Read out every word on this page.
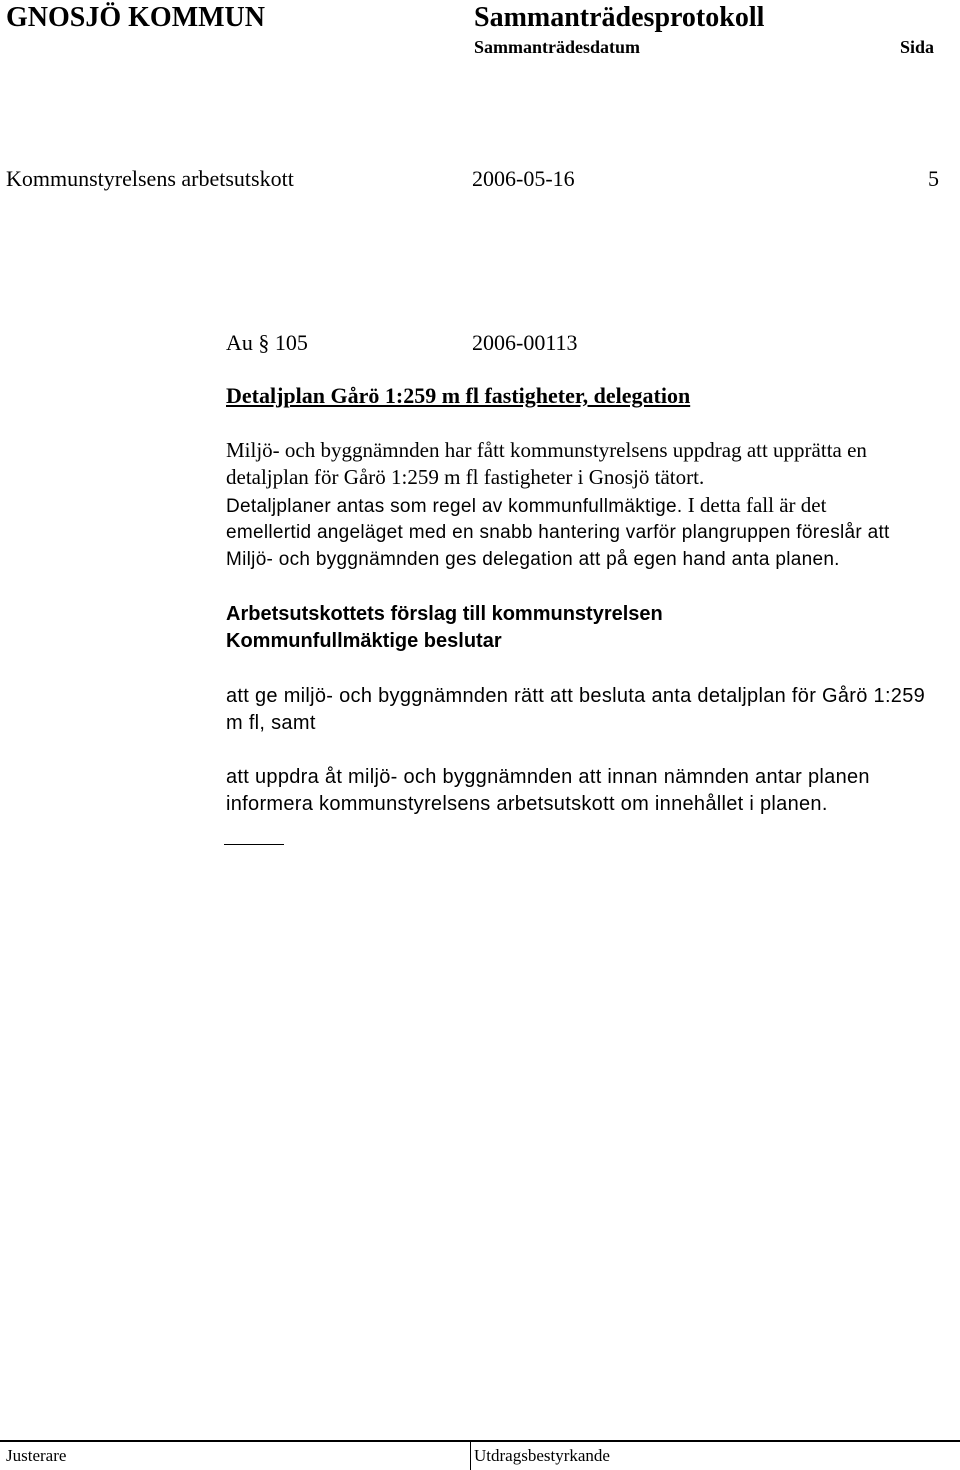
GNOSJÖ KOMMUN	Sammanträdesprotokoll
Sammanträdesdatum	Sida
Kommunstyrelsens arbetsutskott	2006-05-16	5
Au § 105	2006-00113
Detaljplan Gårö 1:259 m fl fastigheter, delegation
Miljö- och byggnämnden har fått kommunstyrelsens uppdrag att upprätta en
detaljplan för Gårö 1:259 m fl fastigheter i Gnosjö tätort.
Detaljplaner antas som regel av kommunfullmäktige. I detta fall är det
emellertid angeläget med en snabb hantering varför plangruppen föreslår att
Miljö- och byggnämnden ges delegation att på egen hand anta planen.
Arbetsutskottets förslag till kommunstyrelsen
Kommunfullmäktige beslutar
att ge miljö- och byggnämnden rätt att besluta anta detaljplan för Gårö 1:259
m fl, samt
att uppdra åt miljö- och byggnämnden att innan nämnden antar planen
informera kommunstyrelsens arbetsutskott om innehållet i planen.
Justerare	Utdragsbestyrkande
